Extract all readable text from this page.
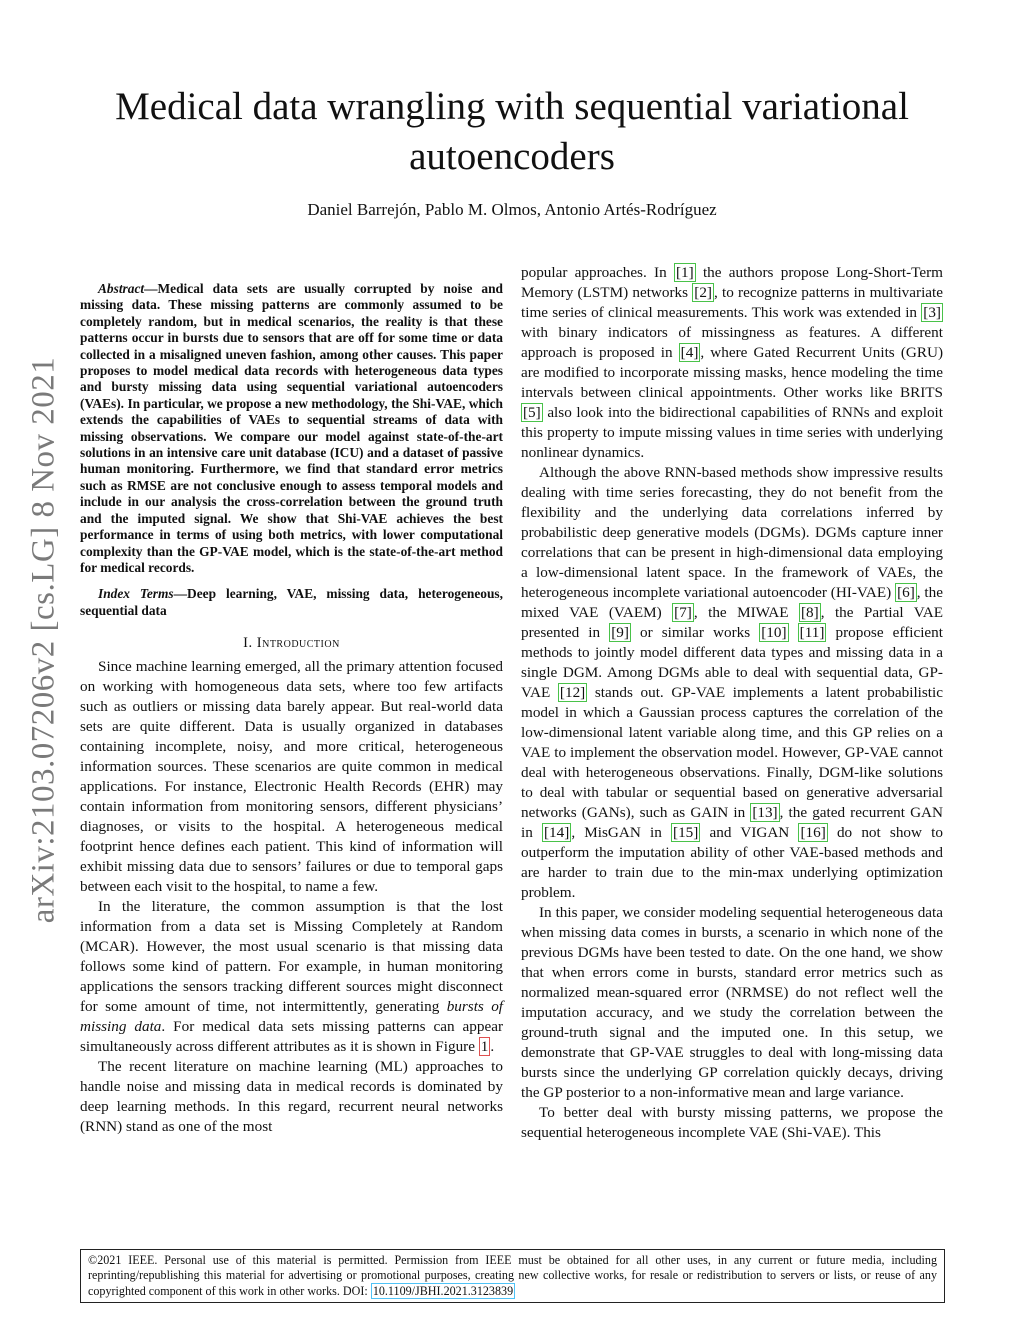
arXiv:2103.07206v2 [cs.LG] 8 Nov 2021
Medical data wrangling with sequential variational autoencoders
Daniel Barrejón, Pablo M. Olmos, Antonio Artés-Rodríguez

Abstract—Medical data sets are usually corrupted by noise and missing data. These missing patterns are commonly assumed to be completely random, but in medical scenarios, the reality is that these patterns occur in bursts due to sensors that are off for some time or data collected in a misaligned uneven fashion, among other causes. This paper proposes to model medical data records with heterogeneous data types and bursty missing data using sequential variational autoencoders (VAEs). In particular, we propose a new methodology, the Shi-VAE, which extends the capabilities of VAEs to sequential streams of data with missing observations. We compare our model against state-of-the-art solutions in an intensive care unit database (ICU) and a dataset of passive human monitoring. Furthermore, we find that standard error metrics such as RMSE are not conclusive enough to assess temporal models and include in our analysis the cross-correlation between the ground truth and the imputed signal. We show that Shi-VAE achieves the best performance in terms of using both metrics, with lower computational complexity than the GP-VAE model, which is the state-of-the-art method for medical records.

Index Terms—Deep learning, VAE, missing data, heterogeneous, sequential data

I. Introduction

Since machine learning emerged, all the primary attention focused on working with homogeneous data sets, where too few artifacts such as outliers or missing data barely appear. But real-world data sets are quite different. Data is usually organized in databases containing incomplete, noisy, and more critical, heterogeneous information sources. These scenarios are quite common in medical applications. For instance, Electronic Health Records (EHR) may contain information from monitoring sensors, different physicians’ diagnoses, or visits to the hospital. A heterogeneous medical footprint hence defines each patient. This kind of information will exhibit missing data due to sensors’ failures or due to temporal gaps between each visit to the hospital, to name a few.

In the literature, the common assumption is that the lost information from a data set is Missing Completely at Random (MCAR). However, the most usual scenario is that missing data follows some kind of pattern. For example, in human monitoring applications the sensors tracking different sources might disconnect for some amount of time, not intermittently, generating bursts of missing data. For medical data sets missing patterns can appear simultaneously across different attributes as it is shown in Figure 1 .

The recent literature on machine learning (ML) approaches to handle noise and missing data in medical records is dominated by deep learning methods. In this regard, recurrent neural networks (RNN) stand as one of the most

popular approaches. In [1] the authors propose Long-Short-Term Memory (LSTM) networks [2] , to recognize patterns in multivariate time series of clinical measurements. This work was extended in [3] with binary indicators of missingness as features. A different approach is proposed in [4] , where Gated Recurrent Units (GRU) are modified to incorporate missing masks, hence modeling the time intervals between clinical appointments. Other works like BRITS [5] also look into the bidirectional capabilities of RNNs and exploit this property to impute missing values in time series with underlying nonlinear dynamics.

Although the above RNN-based methods show impressive results dealing with time series forecasting, they do not benefit from the flexibility and the underlying data correlations inferred by probabilistic deep generative models (DGMs). DGMs capture inner correlations that can be present in high-dimensional data employing a low-dimensional latent space. In the framework of VAEs, the heterogeneous incomplete variational autoencoder (HI-VAE) [6] , the mixed VAE (VAEM) [7] , the MIWAE [8] , the Partial VAE presented in [9] or similar works [10] [11] propose efficient methods to jointly model different data types and missing data in a single DGM. Among DGMs able to deal with sequential data, GP-VAE [12] stands out. GP-VAE implements a latent probabilistic model in which a Gaussian process captures the correlation of the low-dimensional latent variable along time, and this GP relies on a VAE to implement the observation model. However, GP-VAE cannot deal with heterogeneous observations. Finally, DGM-like solutions to deal with tabular or sequential based on generative adversarial networks (GANs), such as GAIN in [13] , the gated recurrent GAN in [14] , MisGAN in [15] and VIGAN [16] do not show to outperform the imputation ability of other VAE-based methods and are harder to train due to the min-max underlying optimization problem.

In this paper, we consider modeling sequential heterogeneous data when missing data comes in bursts, a scenario in which none of the previous DGMs have been tested to date. On the one hand, we show that when errors come in bursts, standard error metrics such as normalized mean-squared error (NRMSE) do not reflect well the imputation accuracy, and we study the correlation between the ground-truth signal and the imputed one. In this setup, we demonstrate that GP-VAE struggles to deal with long-missing data bursts since the underlying GP correlation quickly decays, driving the GP posterior to a non-informative mean and large variance.

To better deal with bursty missing patterns, we propose the sequential heterogeneous incomplete VAE (Shi-VAE). This

©2021 IEEE. Personal use of this material is permitted. Permission from IEEE must be obtained for all other uses, in any current or future media, including reprinting/republishing this material for advertising or promotional purposes, creating new collective works, for resale or redistribution to servers or lists, or reuse of any copyrighted component of this work in other works. DOI: 10.1109/JBHI.2021.3123839
